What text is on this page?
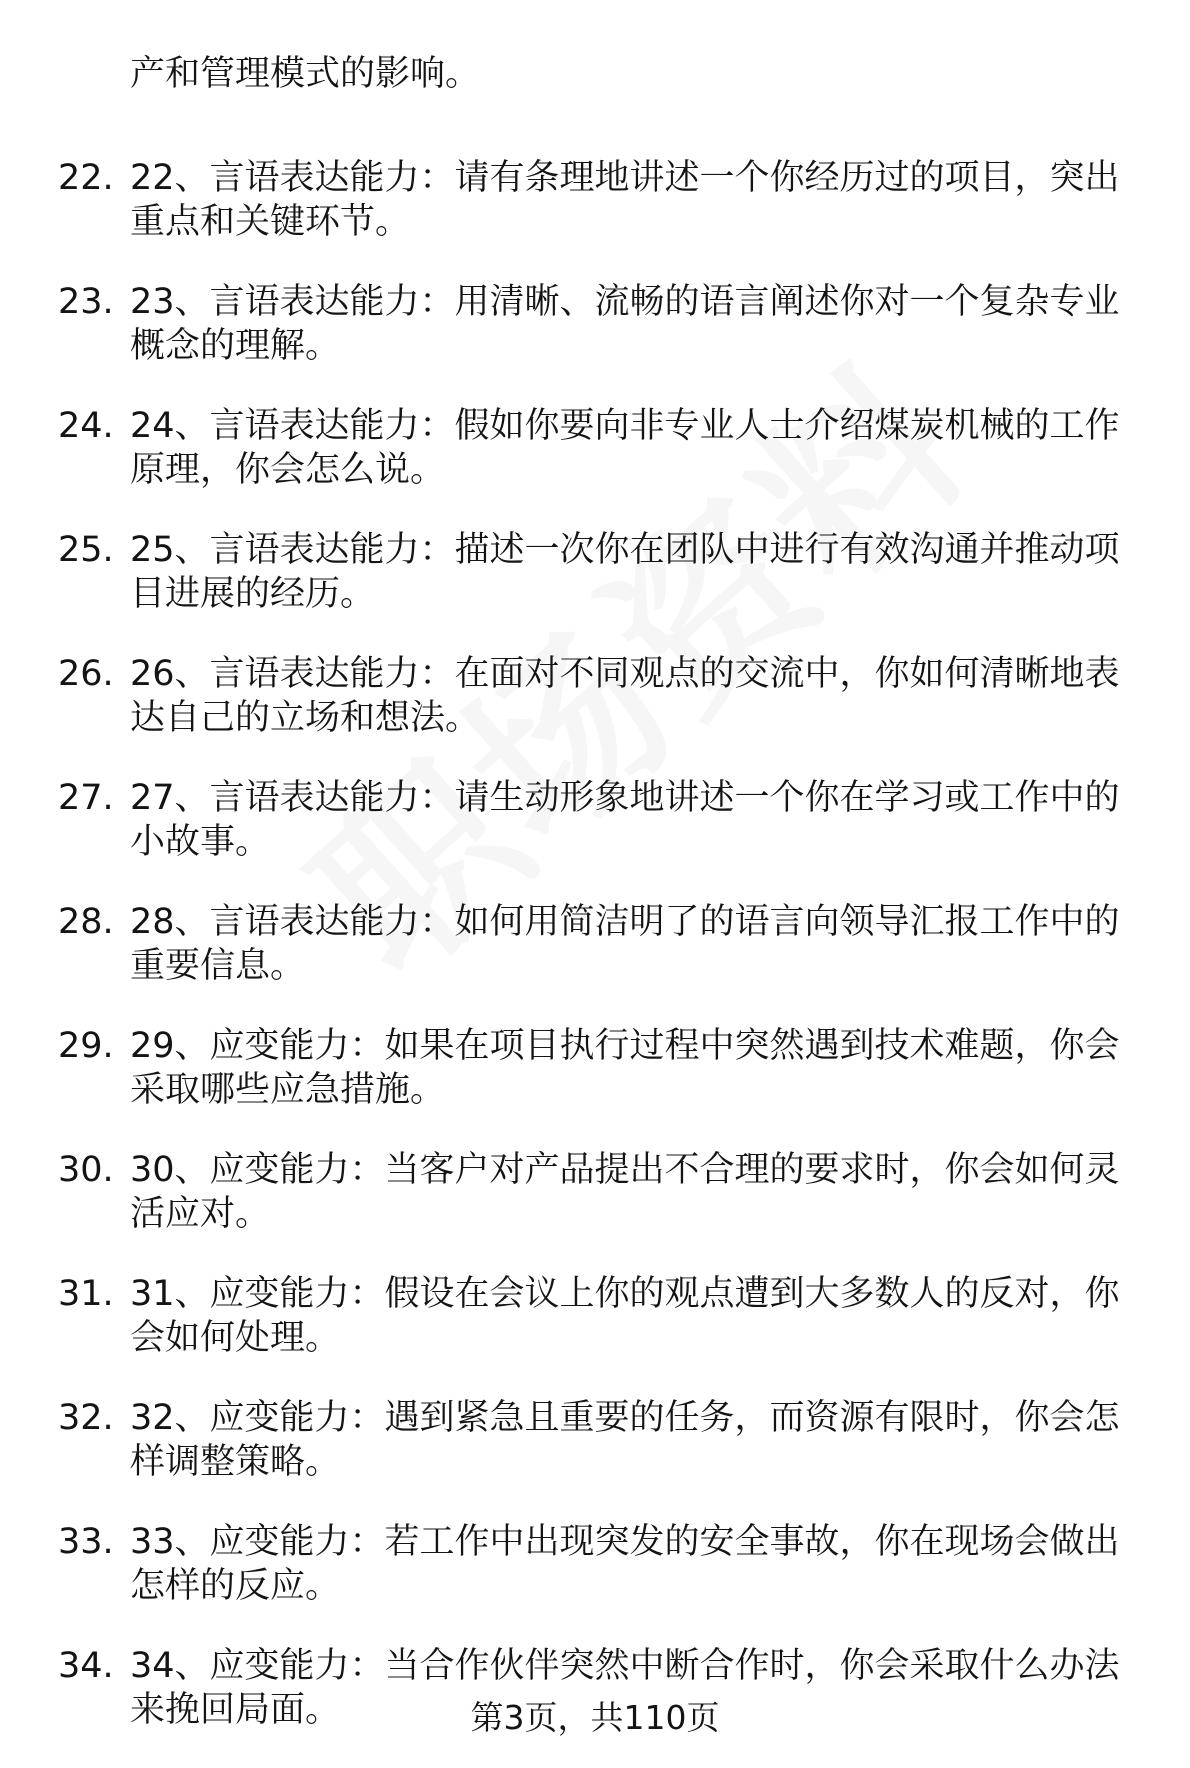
产和管理模式的影响。

22. 22、言语表达能力：请有条理地讲述一个你经历过的项目，突出
重点和关键环节。
23. 23、言语表达能力：用清晰、流畅的语言阐述你对一个复杂专业
概念的理解。
24. 24、言语表达能力：假如你要向非专业人士介绍煤炭机械的工作
原理，你会怎么说。
25. 25、言语表达能力：描述一次你在团队中进行有效沟通并推动项
目进展的经历。
26. 26、言语表达能力：在面对不同观点的交流中，你如何清晰地表
达自己的立场和想法。
27. 27、言语表达能力：请生动形象地讲述一个你在学习或工作中的
小故事。
28. 28、言语表达能力：如何用简洁明了的语言向领导汇报工作中的
重要信息。
29. 29、应变能力：如果在项目执行过程中突然遇到技术难题，你会
采取哪些应急措施。
30. 30、应变能力：当客户对产品提出不合理的要求时，你会如何灵
活应对。
31. 31、应变能力：假设在会议上你的观点遭到大多数人的反对，你
会如何处理。
32. 32、应变能力：遇到紧急且重要的任务，而资源有限时，你会怎
样调整策略。
33. 33、应变能力：若工作中出现突发的安全事故，你在现场会做出
怎样的反应。
34. 34、应变能力：当合作伙伴突然中断合作时，你会采取什么办法
来挽回局面。	第3页，共110页
